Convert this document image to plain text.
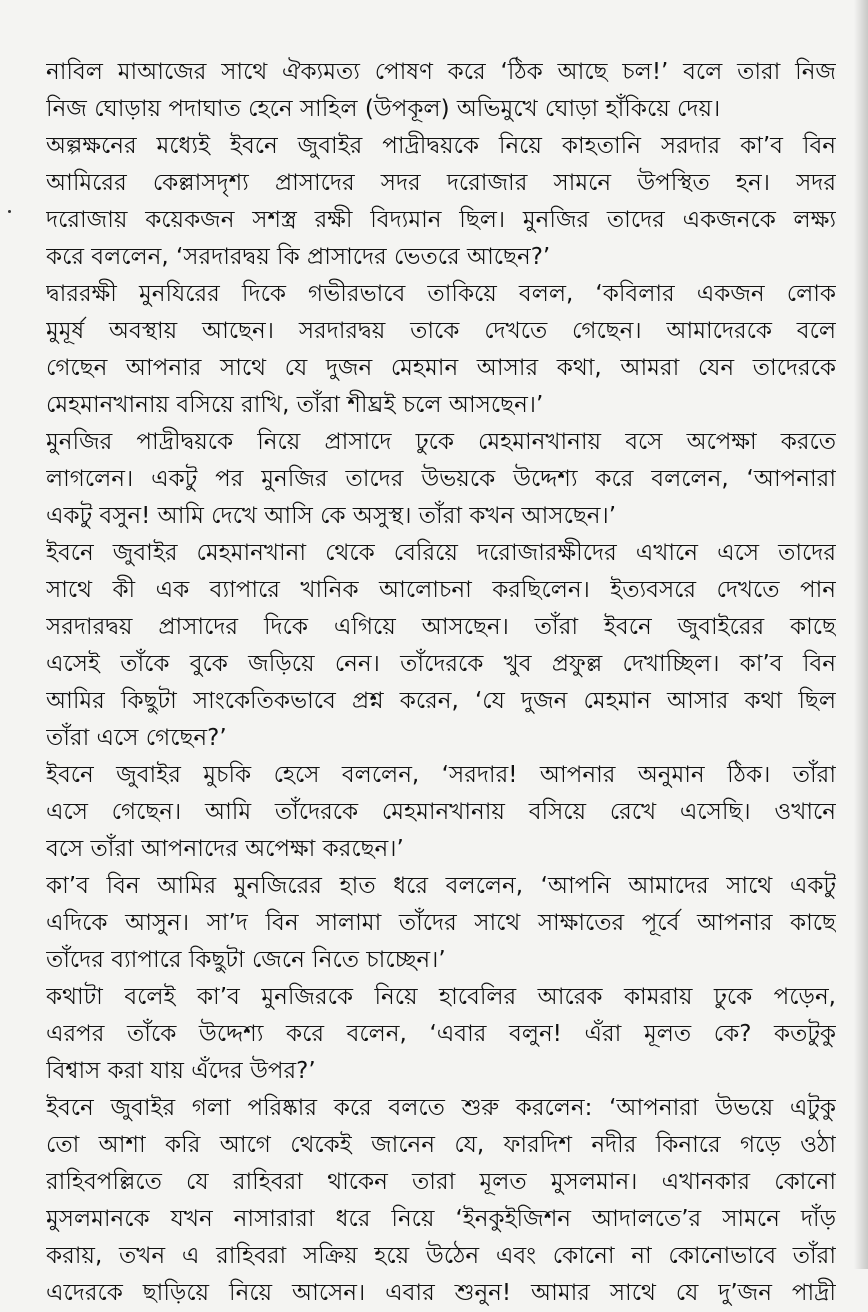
নাবিল মাআজের সাথে ঐক্যমত্য পোষণ করে ‘ঠিক আছে চল!’ বলে তারা নিজ
নিজ ঘোড়ায় পদাঘাত হেনে সাহিল (উপকূল) অভিমুখে ঘোড়া হাঁকিয়ে দেয়।
অল্পক্ষনের মধ্যেই ইবনে জুবাইর পাদ্রীদ্বয়কে নিয়ে কাহতানি সরদার কা’ব বিন
আমিরের কেল্লাসদৃশ্য প্রাসাদের সদর দরোজার সামনে উপস্থিত হন। সদর
দরোজায় কয়েকজন সশস্ত্র রক্ষী বিদ্যমান ছিল। মুনজির তাদের একজনকে লক্ষ্য
করে বললেন, ‘সরদারদ্বয় কি প্রাসাদের ভেতরে আছেন?’
দ্বাররক্ষী মুনযিরের দিকে গভীরভাবে তাকিয়ে বলল, ‘কবিলার একজন লোক
মুমূর্ষ অবস্থায় আছেন। সরদারদ্বয় তাকে দেখতে গেছেন। আমাদেরকে বলে
গেছেন আপনার সাথে যে দুজন মেহমান আসার কথা, আমরা যেন তাদেরকে
মেহমানখানায় বসিয়ে রাখি, তাঁরা শীঘ্রই চলে আসছেন।’
মুনজির পাদ্রীদ্বয়কে নিয়ে প্রাসাদে ঢুকে মেহমানখানায় বসে অপেক্ষা করতে
লাগলেন। একটু পর মুনজির তাদের উভয়কে উদ্দেশ্য করে বললেন, ‘আপনারা
একটু বসুন! আমি দেখে আসি কে অসুস্থ। তাঁরা কখন আসছেন।’
ইবনে জুবাইর মেহমানখানা থেকে বেরিয়ে দরোজারক্ষীদের এখানে এসে তাদের
সাথে কী এক ব্যাপারে খানিক আলোচনা করছিলেন। ইত্যবসরে দেখতে পান
সরদারদ্বয় প্রাসাদের দিকে এগিয়ে আসছেন। তাঁরা ইবনে জুবাইরের কাছে
এসেই তাঁকে বুকে জড়িয়ে নেন। তাঁদেরকে খুব প্রফুল্ল দেখাচ্ছিল। কা’ব বিন
আমির কিছুটা সাংকেতিকভাবে প্রশ্ন করেন, ‘যে দুজন মেহমান আসার কথা ছিল
তাঁরা এসে গেছেন?’
ইবনে জুবাইর মুচকি হেসে বললেন, ‘সরদার! আপনার অনুমান ঠিক। তাঁরা
এসে গেছেন। আমি তাঁদেরকে মেহমানখানায় বসিয়ে রেখে এসেছি। ওখানে
বসে তাঁরা আপনাদের অপেক্ষা করছেন।’
কা’ব বিন আমির মুনজিরের হাত ধরে বললেন, ‘আপনি আমাদের সাথে একটু
এদিকে আসুন। সা’দ বিন সালামা তাঁদের সাথে সাক্ষাতের পূর্বে আপনার কাছে
তাঁদের ব্যাপারে কিছুটা জেনে নিতে চাচ্ছেন।’
কথাটা বলেই কা’ব মুনজিরকে নিয়ে হাবেলির আরেক কামরায় ঢুকে পড়েন,
এরপর তাঁকে উদ্দেশ্য করে বলেন, ‘এবার বলুন! এঁরা মূলত কে? কতটুকু
বিশ্বাস করা যায় এঁদের উপর?’
ইবনে জুবাইর গলা পরিষ্কার করে বলতে শুরু করলেন: ‘আপনারা উভয়ে এটুকু
তো আশা করি আগে থেকেই জানেন যে, ফারদিশ নদীর কিনারে গড়ে ওঠা
রাহিবপল্লিতে যে রাহিবরা থাকেন তারা মূলত মুসলমান। এখানকার কোনো
মুসলমানকে যখন নাসারারা ধরে নিয়ে ‘ইনকুইজিশন আদালতে’র সামনে দাঁড়
করায়, তখন এ রাহিবরা সক্রিয় হয়ে উঠেন এবং কোনো না কোনোভাবে তাঁরা
এদেরকে ছাড়িয়ে নিয়ে আসেন। এবার শুনুন! আমার সাথে যে দু’জন পাদ্রী
